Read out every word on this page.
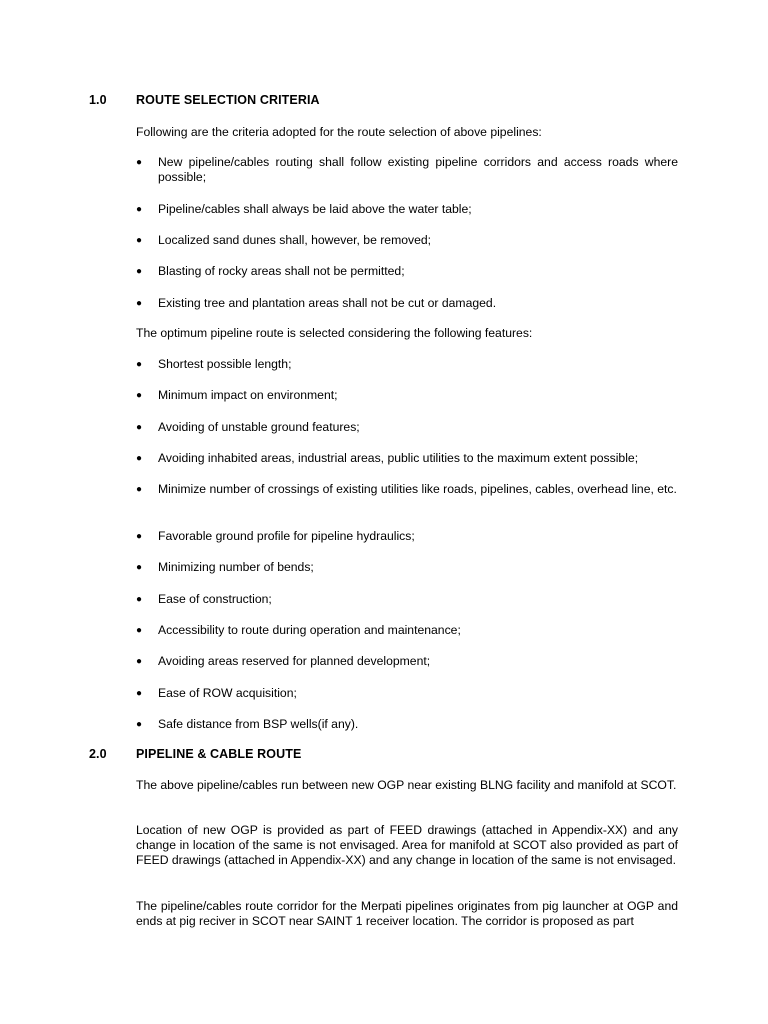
1.0 ROUTE SELECTION CRITERIA
Following are the criteria adopted for the route selection of above pipelines:
●	New pipeline/cables routing shall follow existing pipeline corridors and access roads where possible;
●	Pipeline/cables shall always be laid above the water table;
●	Localized sand dunes shall, however, be removed;
●	Blasting of rocky areas shall not be permitted;
●	Existing tree and plantation areas shall not be cut or damaged.
The optimum pipeline route is selected considering the following features:
●	Shortest possible length;
●	Minimum impact on environment;
●	Avoiding of unstable ground features;
●	Avoiding inhabited areas, industrial areas, public utilities to the maximum extent possible;
●	Minimize number of crossings of existing utilities like roads, pipelines, cables, overhead line, etc.
●	Favorable ground profile for pipeline hydraulics;
●	Minimizing number of bends;
●	Ease of construction;
●	Accessibility to route during operation and maintenance;
●	Avoiding areas reserved for planned development;
●	Ease of ROW acquisition;
●	Safe distance from BSP wells(if any).
2.0 PIPELINE & CABLE ROUTE
The above pipeline/cables run between new OGP near existing BLNG facility and manifold at SCOT.
Location of new OGP is provided as part of FEED drawings (attached in Appendix-XX) and any change in location of the same is not envisaged. Area for manifold at SCOT also provided as part of FEED drawings (attached in Appendix-XX) and any change in location of the same is not envisaged.
The pipeline/cables route corridor for the Merpati pipelines originates from pig launcher at OGP and ends at pig reciver in SCOT near SAINT 1 receiver location. The corridor is proposed as part
